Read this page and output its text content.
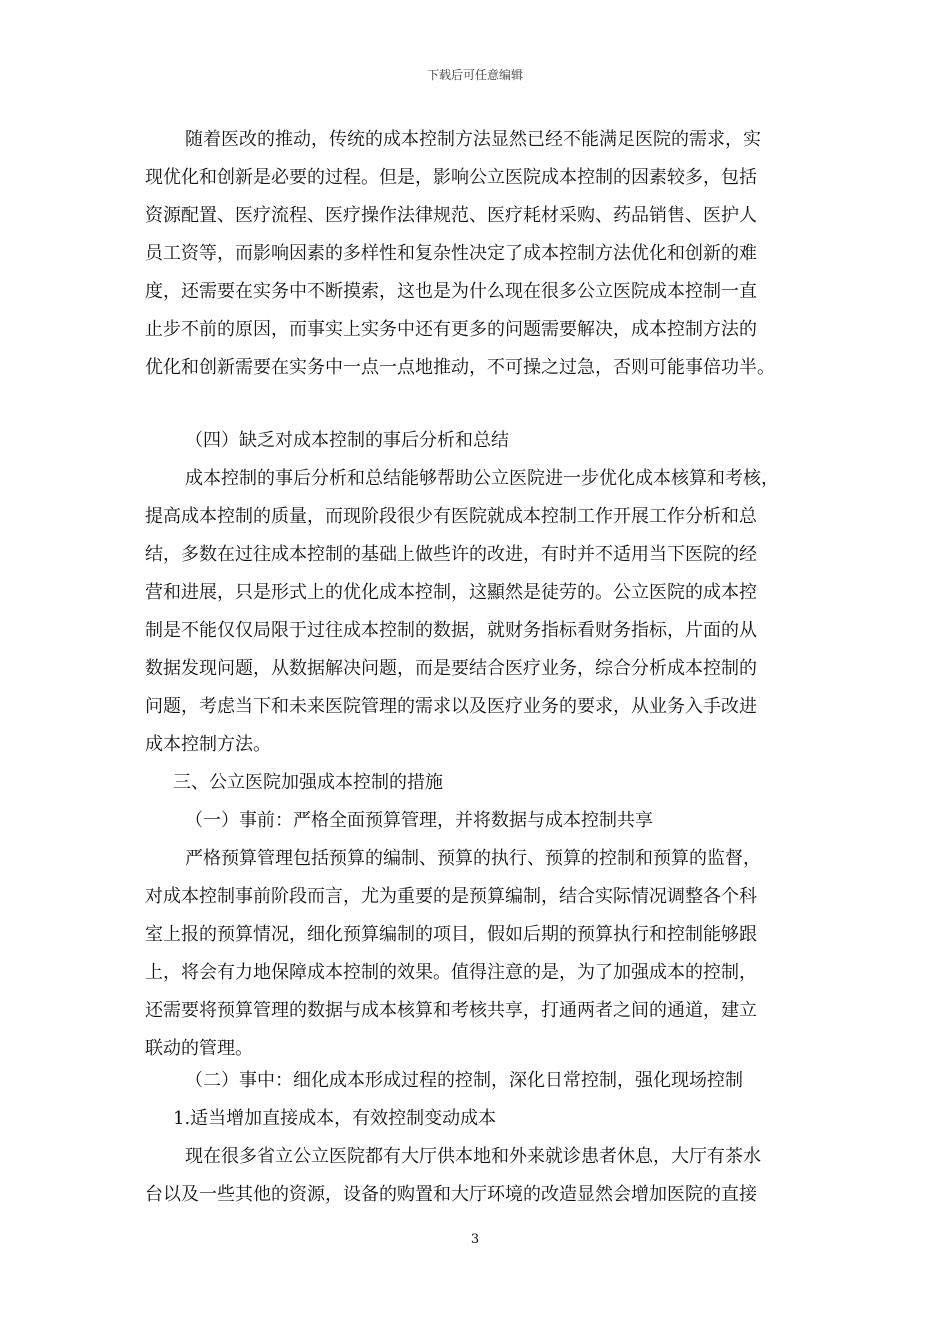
下载后可任意编辑
随着医改的推动，传统的成本控制方法显然已经不能满足医院的需求，实
现优化和创新是必要的过程。但是，影响公立医院成本控制的因素较多，包括
资源配置、医疗流程、医疗操作法律规范、医疗耗材采购、药品销售、医护人
员工资等，而影响因素的多样性和复杂性决定了成本控制方法优化和创新的难
度，还需要在实务中不断摸索，这也是为什么现在很多公立医院成本控制一直
止步不前的原因，而事实上实务中还有更多的问题需要解决，成本控制方法的
优化和创新需要在实务中一点一点地推动，不可操之过急，否则可能事倍功半。
（四）缺乏对成本控制的事后分析和总结
成本控制的事后分析和总结能够帮助公立医院进一步优化成本核算和考核，
提高成本控制的质量，而现阶段很少有医院就成本控制工作开展工作分析和总
结，多数在过往成本控制的基础上做些许的改进，有时并不适用当下医院的经
营和进展，只是形式上的优化成本控制，这顯然是徒劳的。公立医院的成本控
制是不能仅仅局限于过往成本控制的数据，就财务指标看财务指标，片面的从
数据发现问题，从数据解决问题，而是要结合医疗业务，综合分析成本控制的
问题，考虑当下和未来医院管理的需求以及医疗业务的要求，从业务入手改进
成本控制方法。
三、公立医院加强成本控制的措施
（一）事前：严格全面预算管理，并将数据与成本控制共享
严格预算管理包括预算的编制、预算的执行、预算的控制和预算的监督，
对成本控制事前阶段而言，尤为重要的是预算编制，结合实际情况调整各个科
室上报的预算情况，细化预算编制的项目，假如后期的预算执行和控制能够跟
上，将会有力地保障成本控制的效果。值得注意的是，为了加强成本的控制，
还需要将预算管理的数据与成本核算和考核共享，打通两者之间的通道，建立
联动的管理。
（二）事中：细化成本形成过程的控制，深化日常控制，强化现场控制
1.适当增加直接成本，有效控制变动成本
现在很多省立公立医院都有大厅供本地和外来就诊患者休息，大厅有茶水
台以及一些其他的资源，设备的购置和大厅环境的改造显然会增加医院的直接
3
